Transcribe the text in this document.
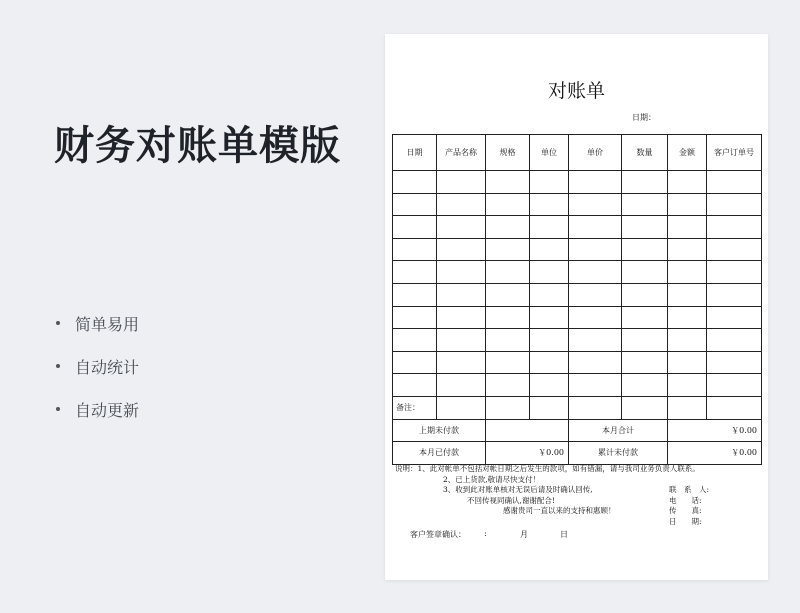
财务对账单模版
简单易用
自动统计
自动更新
对账单
日期：
日期	产品名称	规格	单位	单价	数量	金额	客户订单号

备注：							
上期未付款				本月合计		￥0.00	
本月已付款		￥0.00		累计未付款		￥0.00	
说明：1、此对帐单不包括对帐日期之后发生的款项，如有错漏，请与我司业务负责人联系。
2、已上货款,敬请尽快支付！
3、收到此对账单核对无误后请及时确认回传,	联　系　人:
不回传视同确认,谢谢配合!	电　　话:
感谢贵司一直以来的支持和惠顾！	传　　真:
日　　期:
客户签章确认： :	月	日
